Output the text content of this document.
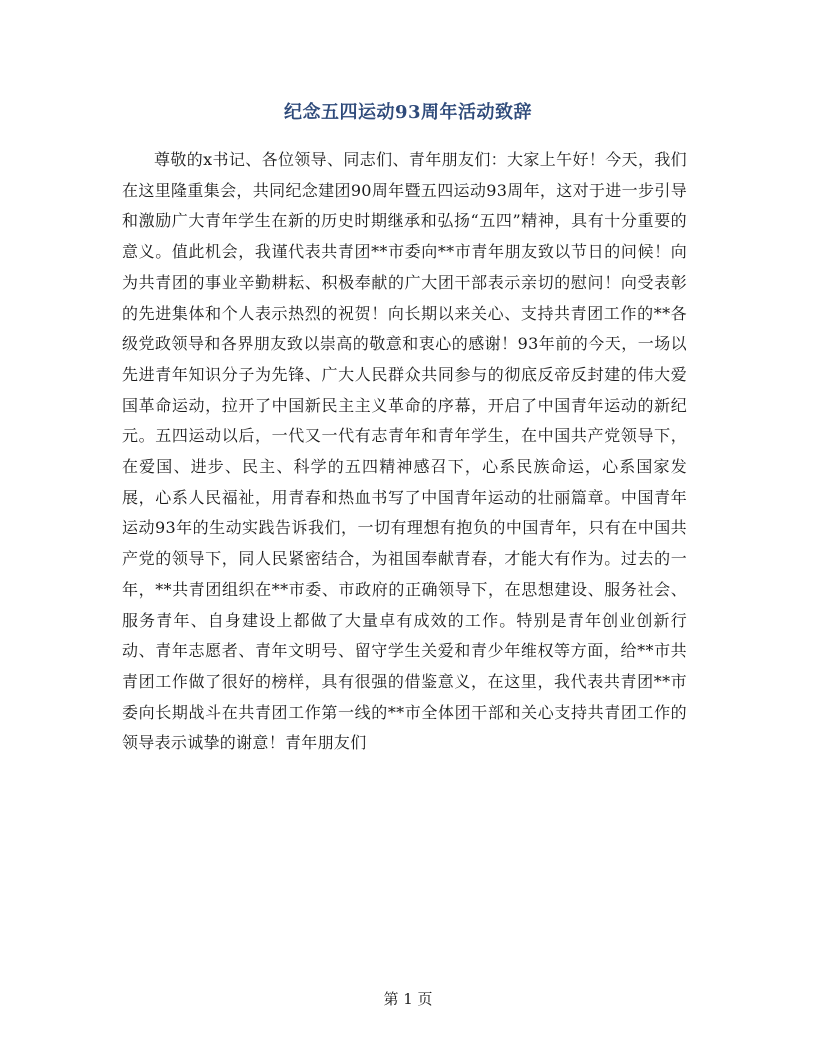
纪念五四运动93周年活动致辞

尊敬的x书记、各位领导、同志们、青年朋友们：大家上午好！今天，我们在这里隆重集会，共同纪念建团90周年暨五四运动93周年，这对于进一步引导和激励广大青年学生在新的历史时期继承和弘扬“五四”精神，具有十分重要的意义。值此机会，我谨代表共青团**市委向**市青年朋友致以节日的问候！向为共青团的事业辛勤耕耘、积极奉献的广大团干部表示亲切的慰问！向受表彰的先进集体和个人表示热烈的祝贺！向长期以来关心、支持共青团工作的**各级党政领导和各界朋友致以崇高的敬意和衷心的感谢！93年前的今天，一场以先进青年知识分子为先锋、广大人民群众共同参与的彻底反帝反封建的伟大爱国革命运动，拉开了中国新民主主义革命的序幕，开启了中国青年运动的新纪元。五四运动以后，一代又一代有志青年和青年学生，在中国共产党领导下，在爱国、进步、民主、科学的五四精神感召下，心系民族命运，心系国家发展，心系人民福祉，用青春和热血书写了中国青年运动的壮丽篇章。中国青年运动93年的生动实践告诉我们，一切有理想有抱负的中国青年，只有在中国共产党的领导下，同人民紧密结合，为祖国奉献青春，才能大有作为。过去的一年，**共青团组织在**市委、市政府的正确领导下，在思想建设、服务社会、服务青年、自身建设上都做了大量卓有成效的工作。特别是青年创业创新行动、青年志愿者、青年文明号、留守学生关爱和青少年维权等方面，给**市共青团工作做了很好的榜样，具有很强的借鉴意义，在这里，我代表共青团**市委向长期战斗在共青团工作第一线的**市全体团干部和关心支持共青团工作的领导表示诚挚的谢意！青年朋友们

第 1 页
